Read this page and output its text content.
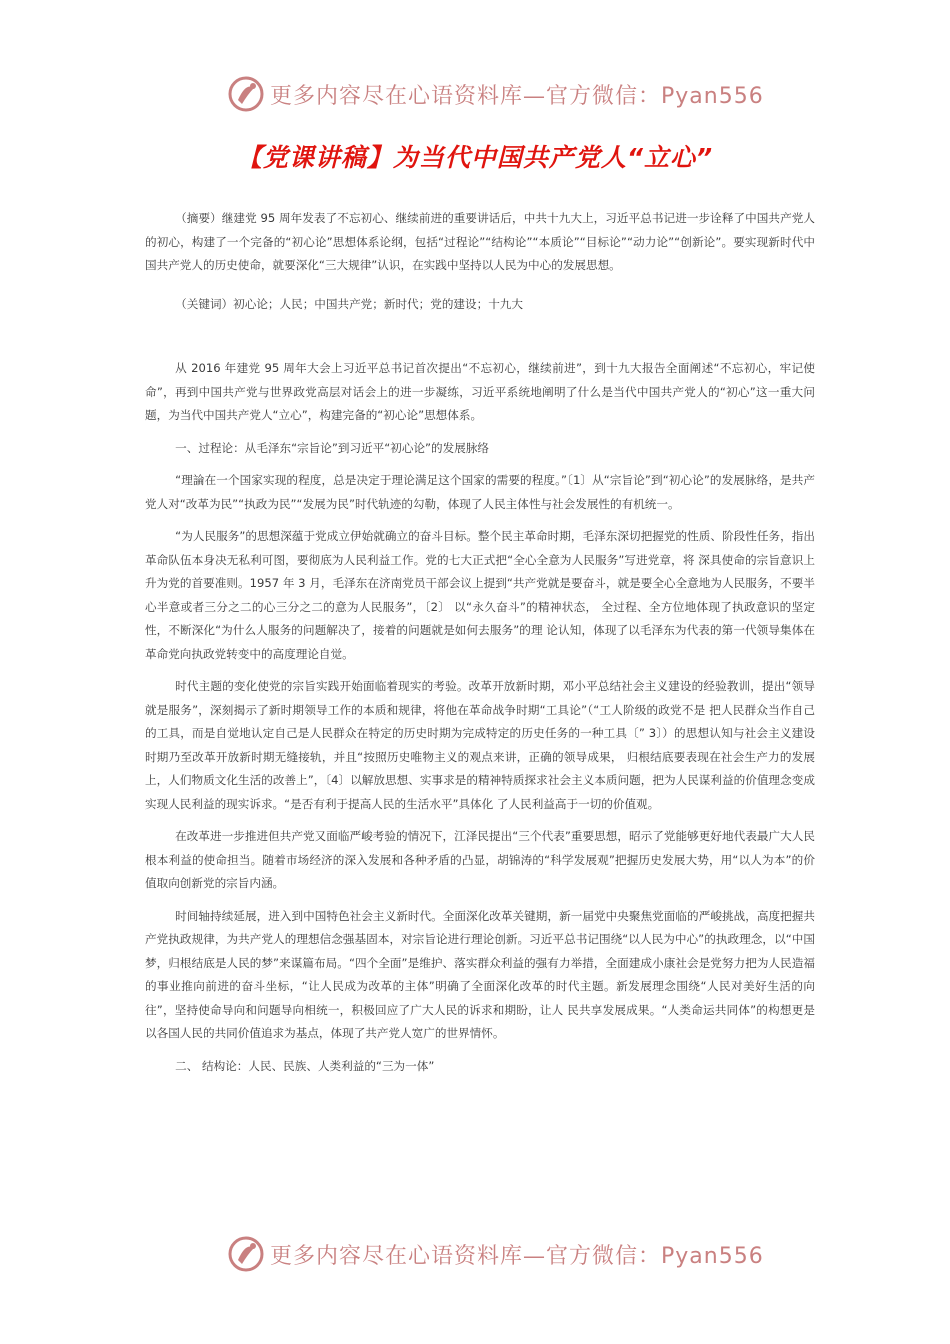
更多内容尽在心语资料库—官方微信：Pyan556
【党课讲稿】为当代中国共产党人“立心”

（摘要）继建党 95 周年发表了不忘初心、继续前进的重要讲话后，中共十九大上，习近平总书记进一步诠释了中国共产党人的初心，构建了一个完备的“初心论”思想体系论纲，包括“过程论”“结构论”“本质论”“目标论”“动力论”“创新论”。要实现新时代中国共产党人的历史使命，就要深化“三大规律”认识，在实践中坚持以人民为中心的发展思想。

（关键词）初心论；人民；中国共产党；新时代；党的建设；十九大

从 2016 年建党 95 周年大会上习近平总书记首次提出“不忘初心，继续前进”，到十九大报告全面阐述“不忘初心，牢记使命”，再到中国共产党与世界政党高层对话会上的进一步凝练，习近平系统地阐明了什么是当代中国共产党人的“初心”这一重大问题，为当代中国共产党人“立心”，构建完备的“初心论”思想体系。

一、过程论：从毛泽东“宗旨论”到习近平“初心论”的发展脉络

“理論在一个国家实现的程度，总是决定于理论满足这个国家的需要的程度。”〔1〕从“宗旨论”到“初心论”的发展脉络，是共产党人对“改革为民”“执政为民”“发展为民”时代轨迹的勾勒，体现了人民主体性与社会发展性的有机统一。

“为人民服务”的思想深蕴于党成立伊始就确立的奋斗目标。整个民主革命时期，毛泽东深切把握党的性质、阶段性任务，指出革命队伍本身决无私利可图，要彻底为人民利益工作。党的七大正式把“全心全意为人民服务”写进党章，将 深具使命的宗旨意识上升为党的首要准则。1957 年 3 月，毛泽东在济南党员干部会议上提到“共产党就是要奋斗，就是要全心全意地为人民服务，不要半心半意或者三分之二的心三分之二的意为人民服务”，〔2〕 以“永久奋斗”的精神状态， 全过程、全方位地体现了执政意识的坚定性，不断深化“为什么人服务的问题解决了，接着的问题就是如何去服务”的理 论认知，体现了以毛泽东为代表的第一代领导集体在革命党向执政党转变中的高度理论自觉。

时代主题的变化使党的宗旨实践开始面临着现实的考验。改革开放新时期，邓小平总结社会主义建设的经验教训，提出“领导就是服务”，深刻揭示了新时期领导工作的本质和规律，将他在革命战争时期“工具论”（“工人阶级的政党不是 把人民群众当作自己的工具，而是自觉地认定自己是人民群众在特定的历史时期为完成特定的历史任务的一种工具〔” 3〕）的思想认知与社会主义建设时期乃至改革开放新时期无缝接轨，并且“按照历史唯物主义的观点来讲，正确的领导成果， 归根结底要表现在社会生产力的发展上，人们物质文化生活的改善上”，〔4〕以解放思想、实事求是的精神特质探求社会主义本质问题，把为人民谋利益的价值理念变成实现人民利益的现实诉求。“是否有利于提高人民的生活水平”具体化 了人民利益高于一切的价值观。

在改革进一步推进但共产党又面临严峻考验的情况下，江泽民提出“三个代表”重要思想，昭示了党能够更好地代表最广大人民根本利益的使命担当。随着市场经济的深入发展和各种矛盾的凸显，胡锦涛的“科学发展观”把握历史发展大势，用“以人为本”的价值取向创新党的宗旨内涵。

时间轴持续延展，进入到中国特色社会主义新时代。全面深化改革关键期，新一届党中央聚焦党面临的严峻挑战，高度把握共产党执政规律，为共产党人的理想信念强基固本，对宗旨论进行理论创新。习近平总书记围绕“以人民为中心”的执政理念，以“中国梦，归根结底是人民的梦”来谋篇布局。“四个全面”是维护、落实群众利益的强有力举措，全面建成小康社会是党努力把为人民造福的事业推向前进的奋斗坐标，“让人民成为改革的主体”明确了全面深化改革的时代主题。新发展理念围绕“人民对美好生活的向往”，坚持使命导向和问题导向相统一，积极回应了广大人民的诉求和期盼，让人 民共享发展成果。“人类命运共同体”的构想更是以各国人民的共同价值追求为基点，体现了共产党人宽广的世界情怀。

二、 结构论：人民、民族、人类利益的“三为一体”

更多内容尽在心语资料库—官方微信：Pyan556
